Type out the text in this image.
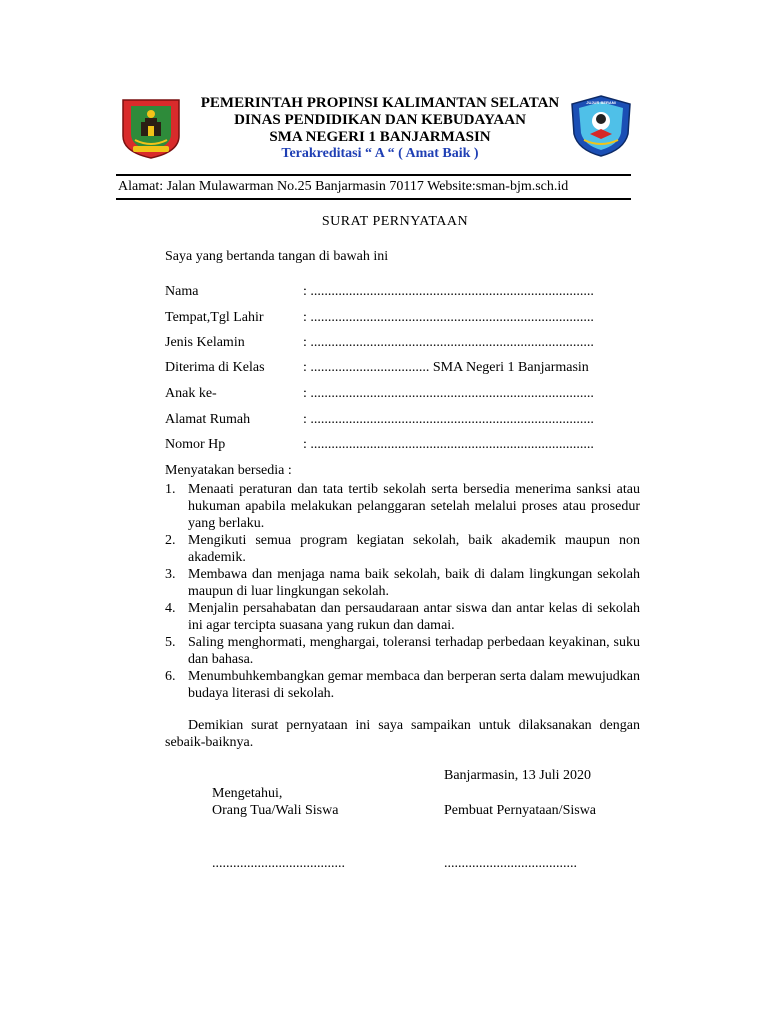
PEMERINTAH PROPINSI KALIMANTAN SELATAN
DINAS PENDIDIKAN DAN KEBUDAYAAN
SMA NEGERI 1 BANJARMASIN
Terakreditasi “ A “ ( Amat Baik )
JUJUR BERANI
Alamat: Jalan Mulawarman No.25 Banjarmasin 70117 Website:sman-bjm.sch.id
SURAT PERNYATAAN
Saya yang bertanda tangan di bawah ini
Nama	: .................................................................................
Tempat,Tgl Lahir	: .................................................................................
Jenis Kelamin	: .................................................................................
Diterima di Kelas	: .................................. SMA Negeri 1 Banjarmasin
Anak ke-	: .................................................................................
Alamat Rumah	: .................................................................................
Nomor Hp	: .................................................................................
Menyatakan bersedia :

1. Menaati peraturan dan tata tertib sekolah serta bersedia menerima sanksi atau hukuman apabila melakukan pelanggaran setelah melalui proses atau prosedur yang berlaku.

2. Mengikuti semua program kegiatan sekolah, baik akademik maupun non akademik.

3. Membawa dan menjaga nama baik sekolah, baik di dalam lingkungan sekolah maupun di luar lingkungan sekolah.

4. Menjalin persahabatan dan persaudaraan antar siswa dan antar kelas di sekolah ini agar tercipta suasana yang rukun dan damai.

5. Saling menghormati, menghargai, toleransi terhadap perbedaan keyakinan, suku dan bahasa.

6. Menumbuhkembangkan gemar membaca dan berperan serta dalam mewujudkan budaya literasi di sekolah.

Demikian surat pernyataan ini saya sampaikan untuk dilaksanakan dengan sebaik-baiknya.
Banjarmasin, 13 Juli 2020
Mengetahui,
Orang Tua/Wali Siswa	Pembuat Pernyataan/Siswa
......................................	......................................
